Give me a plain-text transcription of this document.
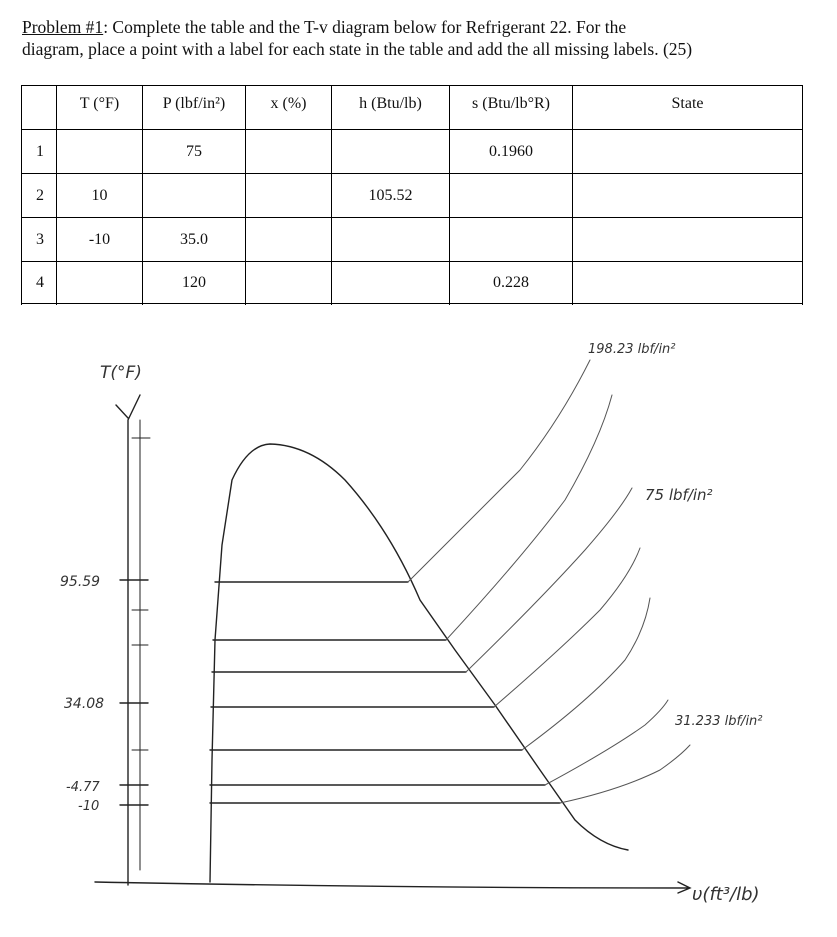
Problem #1: Complete the table and the T-v diagram below for Refrigerant 22. For the
diagram, place a point with a label for each state in the table and add the all missing labels. (25)
	T (°F)	P (lbf/in²)	x (%)	h (Btu/lb)	s (Btu/lb°R)	State
1		75			0.1960	
2	10			105.52		
3	-10	35.0				
4		120			0.228	
T(°F)
95.59
34.08
-4.77
-10
198.23 lbf/in²
75 lbf/in²
31.233 lbf/in²
υ(ft³/lb)
